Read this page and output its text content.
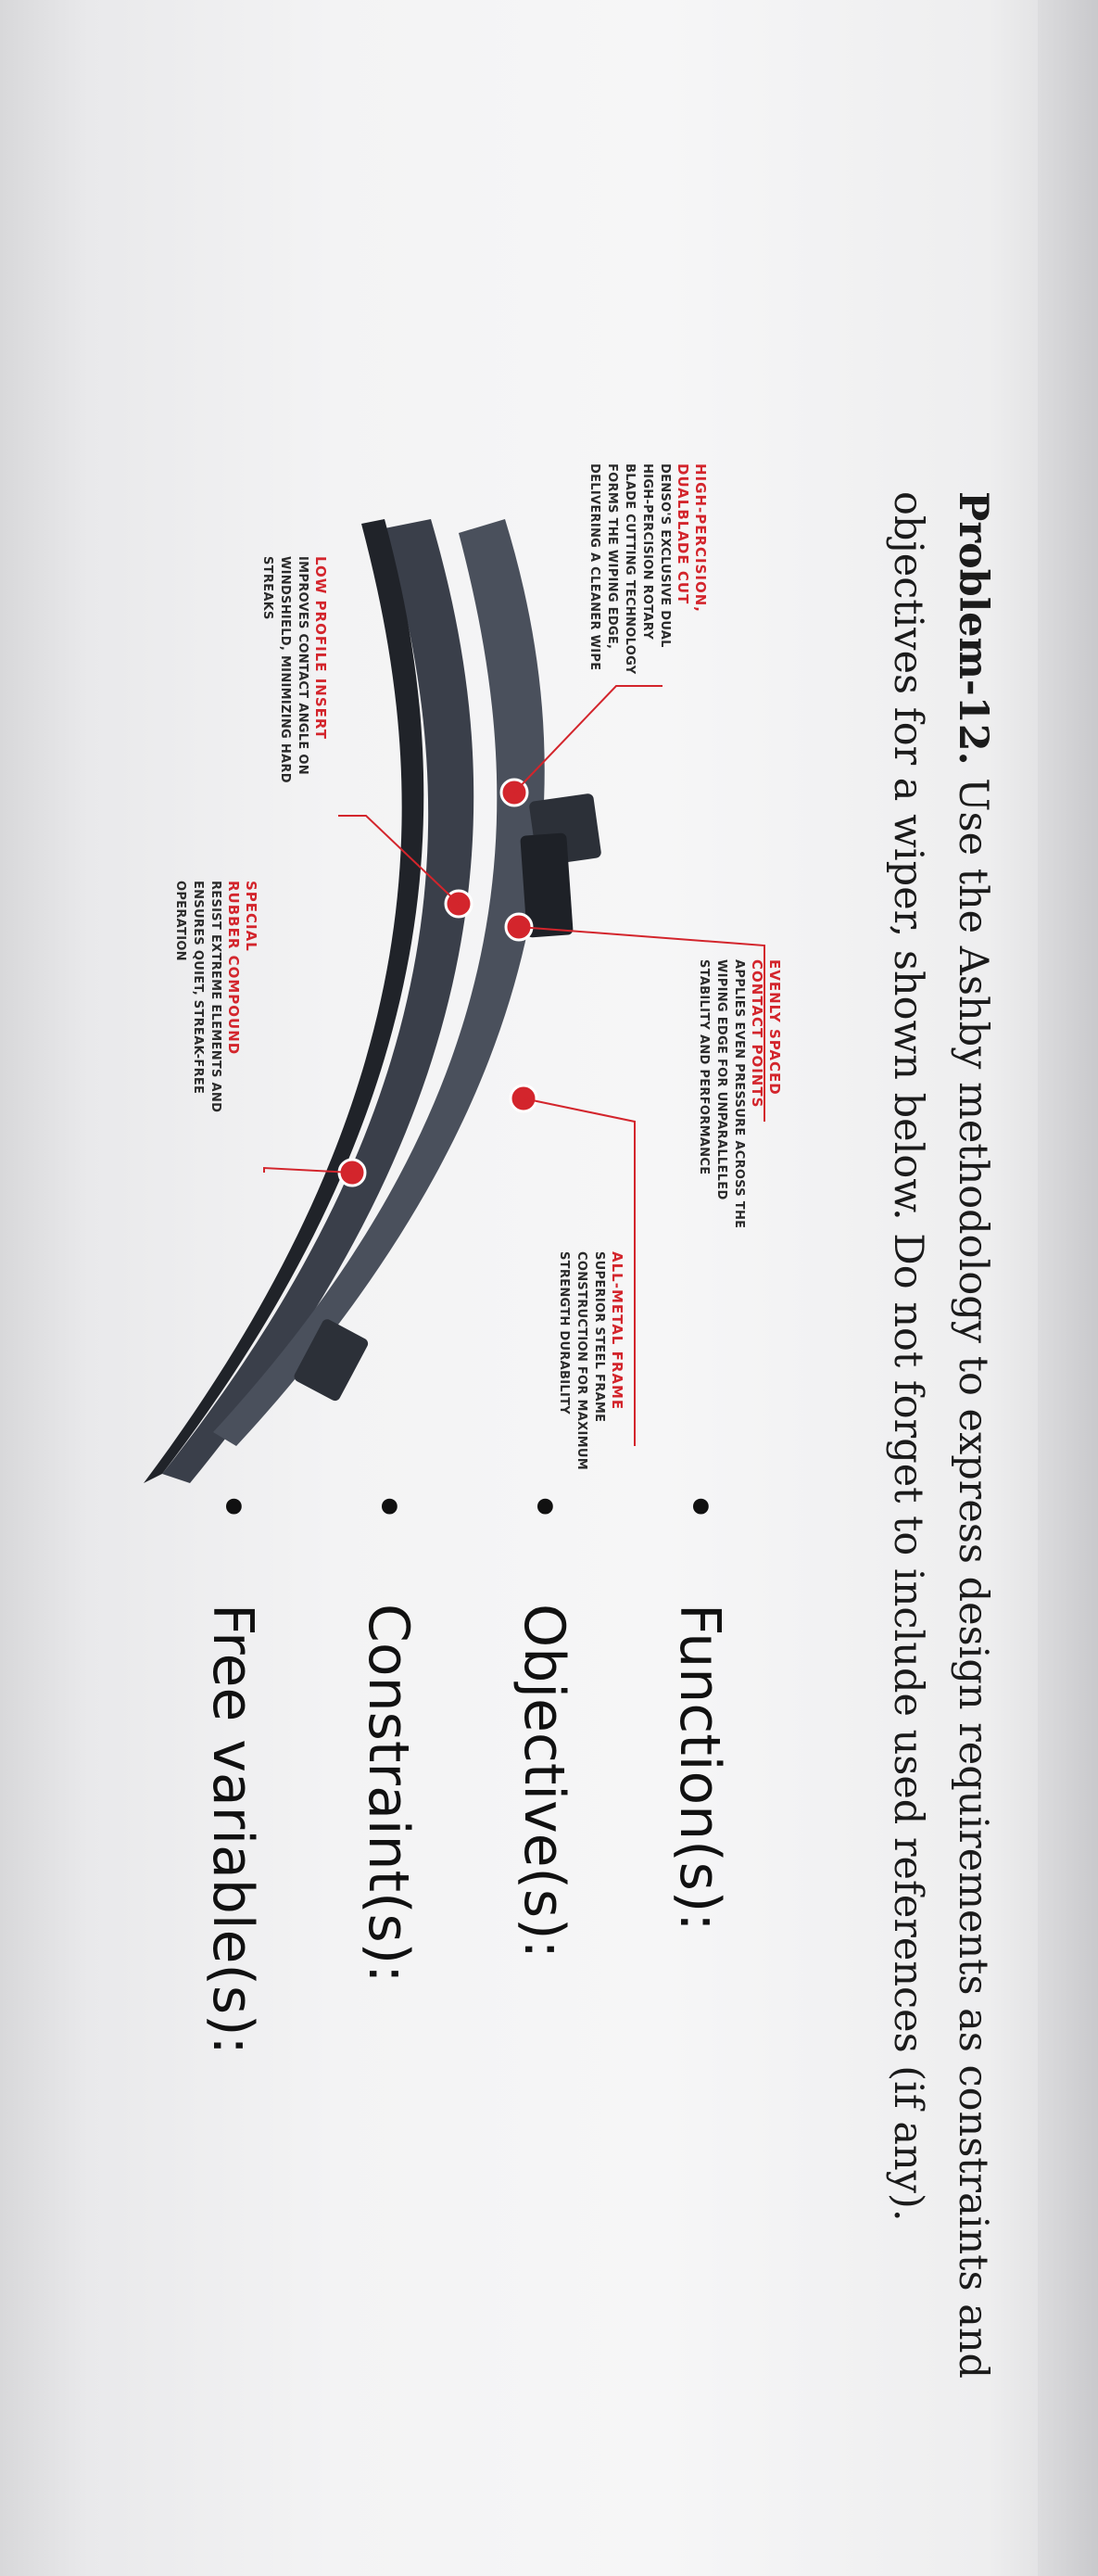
Problem-12. Use the Ashby methodology to express design requirements as constraints and objectives for a wiper, shown below. Do not forget to include used references (if any).
•
Function(s):
•
Objective(s):
•
Constraint(s):
•
Free variable(s):
EVENLY SPACED
CONTACT POINTS
APPLIES EVEN PRESSURE ACROSS THE WIPING EDGE FOR UNPARALLELED STABILITY AND PERFORMANCE
ALL-METAL FRAME
SUPERIOR STEEL FRAME CONSTRUCTION FOR MAXIMUM STRENGTH DURABILITY
HIGH-PERCISION,
DUALBLADE CUT
DENSO'S EXCLUSIVE DUAL HIGH-PERCISION ROTARY BLADE CUTTING TECHNOLOGY FORMS THE WIPING EDGE, DELIVERING A CLEANER WIPE
LOW PROFILE INSERT
IMPROVES CONTACT ANGLE ON WINDSHIELD, MINIMIZING HARD STREAKS
SPECIAL
RUBBER COMPOUND
RESIST EXTREME ELEMENTS AND ENSURES QUIET, STREAK-FREE OPERATION
